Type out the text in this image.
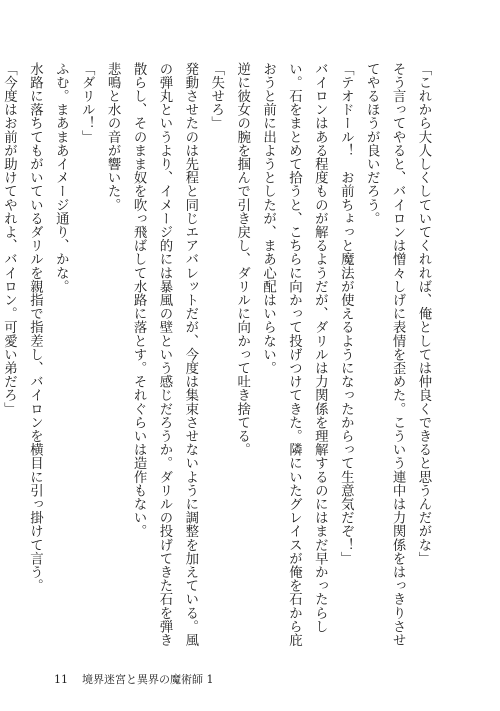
「これから大人しくしていてくれれば、俺としては仲良くできると思うんだがな」

そう言ってやると、バイロンは憎々しげに表情を歪めた。こういう連中は力関係をはっきりさせてやるほうが良いだろう。

「テオドール！　お前ちょっと魔法が使えるようになったからって生意気だぞ！」

バイロンはある程度ものが解るようだが、ダリルは力関係を理解するのにはまだ早かったらしい。石をまとめて拾うと、こちらに向かって投げつけてきた。隣にいたグレイスが俺を石から庇おうと前に出ようとしたが、まあ心配はいらない。

逆に彼女の腕を掴んで引き戻し、ダリルに向かって吐き捨てる。

「失せろ」

発動させたのは先程と同じエアバレットだが、今度は集束させないように調整を加えている。風の弾丸というより、イメージ的には暴風の壁という感じだろうか。ダリルの投げてきた石を弾き散らし、そのまま奴を吹っ飛ばして水路に落とす。それぐらいは造作もない。

悲鳴と水の音が響いた。

「ダリル！」

ふむ。まあまあイメージ通り、かな。

水路に落ちてもがいているダリルを親指で指差し、バイロンを横目に引っ掛けて言う。

「今度はお前が助けてやれよ、バイロン。可愛い弟だろ」

11 境界迷宮と異界の魔術師 1
